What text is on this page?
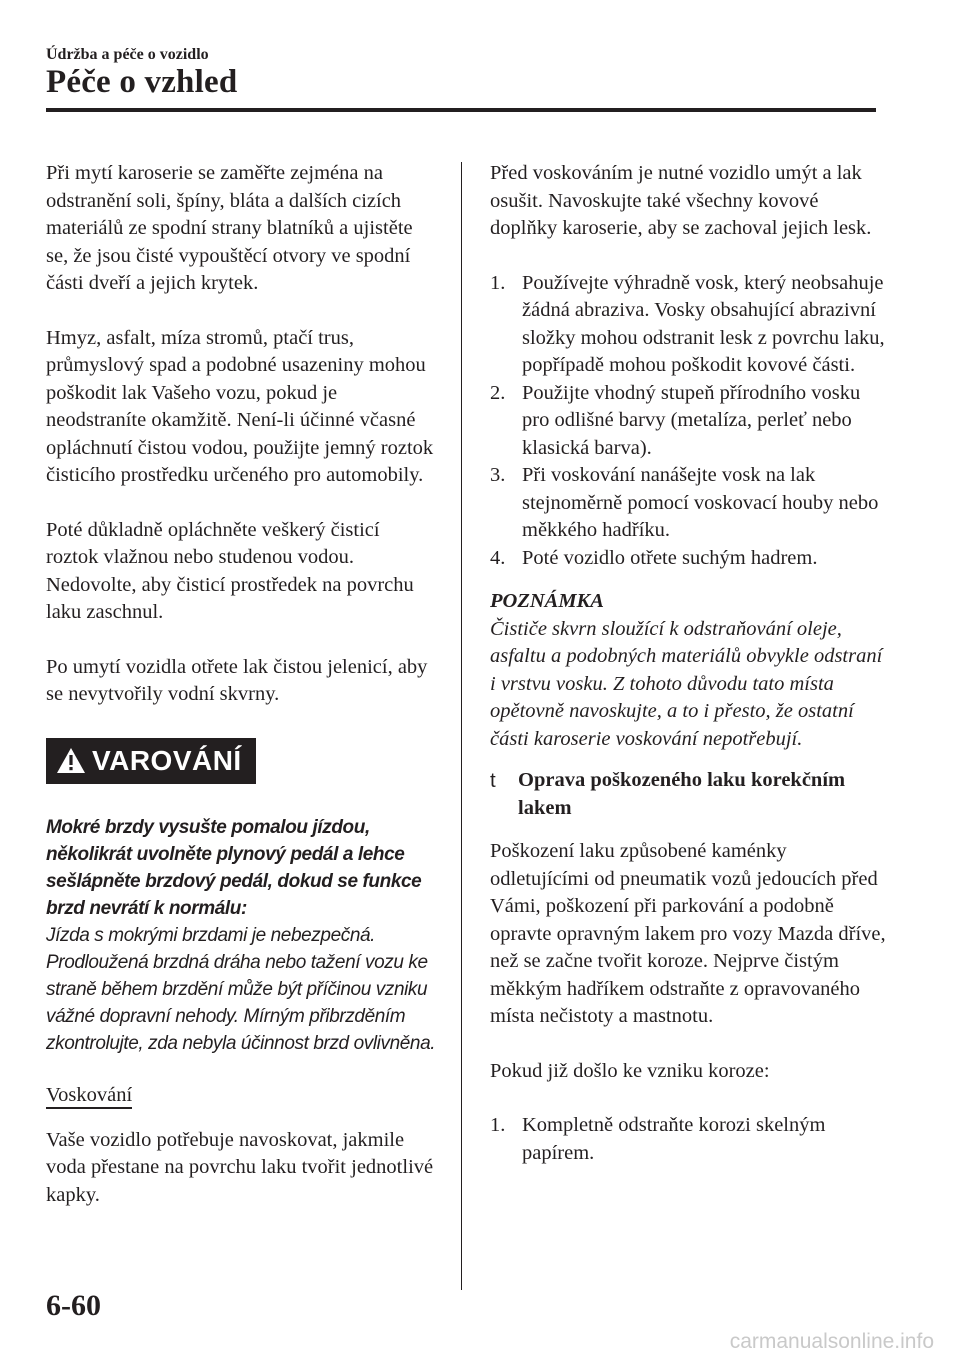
Údržba a péče o vozidlo
Péče o vzhled

Při mytí karoserie se zaměřte zejména na odstranění soli, špíny, bláta a dalších cizích materiálů ze spodní strany blatníků a ujistěte se, že jsou čisté vypouštěcí otvory ve spodní části dveří a jejich krytek.

Hmyz, asfalt, míza stromů, ptačí trus, průmyslový spad a podobné usazeniny mohou poškodit lak Vašeho vozu, pokud je neodstraníte okamžitě. Není-li účinné včasné opláchnutí čistou vodou, použijte jemný roztok čisticího prostředku určeného pro automobily.

Poté důkladně opláchněte veškerý čisticí roztok vlažnou nebo studenou vodou. Nedovolte, aby čisticí prostředek na povrchu laku zaschnul.

Po umytí vozidla otřete lak čistou jelenicí, aby se nevytvořily vodní skvrny.

VAROVÁNÍ
Mokré brzdy vysušte pomalou jízdou, několikrát uvolněte plynový pedál a lehce sešlápněte brzdový pedál, dokud se funkce brzd nevrátí k normálu:
Jízda s mokrými brzdami je nebezpečná. Prodloužená brzdná dráha nebo tažení vozu ke straně během brzdění může být příčinou vzniku vážné dopravní nehody. Mírným přibrzděním zkontrolujte, zda nebyla účinnost brzd ovlivněna.
Voskování

Vaše vozidlo potřebuje navoskovat, jakmile voda přestane na povrchu laku tvořit jednotlivé kapky.

Před voskováním je nutné vozidlo umýt a lak osušit. Navoskujte také všechny kovové doplňky karoserie, aby se zachoval jejich lesk.

1. Používejte výhradně vosk, který neobsahuje žádná abraziva. Vosky obsahující abrazivní složky mohou odstranit lesk z povrchu laku, popřípadě mohou poškodit kovové části.
2. Použijte vhodný stupeň přírodního vosku pro odlišné barvy (metalíza, perleť nebo klasická barva).
3. Při voskování nanášejte vosk na lak stejnoměrně pomocí voskovací houby nebo měkkého hadříku.
4. Poté vozidlo otřete suchým hadrem.
POZNÁMKA
Čističe skvrn sloužící k odstraňování oleje, asfaltu a podobných materiálů obvykle odstraní i vrstvu vosku. Z tohoto důvodu tato místa opětovně navoskujte, a to i přesto, že ostatní části karoserie voskování nepotřebují.
t	Oprava poškozeného laku korekčním lakem

Poškození laku způsobené kaménky odletujícími od pneumatik vozů jedoucích před Vámi, poškození při parkování a podobně opravte opravným lakem pro vozy Mazda dříve, než se začne tvořit koroze. Nejprve čistým měkkým hadříkem odstraňte z opravovaného místa nečistoty a mastnotu.

Pokud již došlo ke vzniku koroze:

1. Kompletně odstraňte korozi skelným papírem.
6-60
carmanualsonline.info
